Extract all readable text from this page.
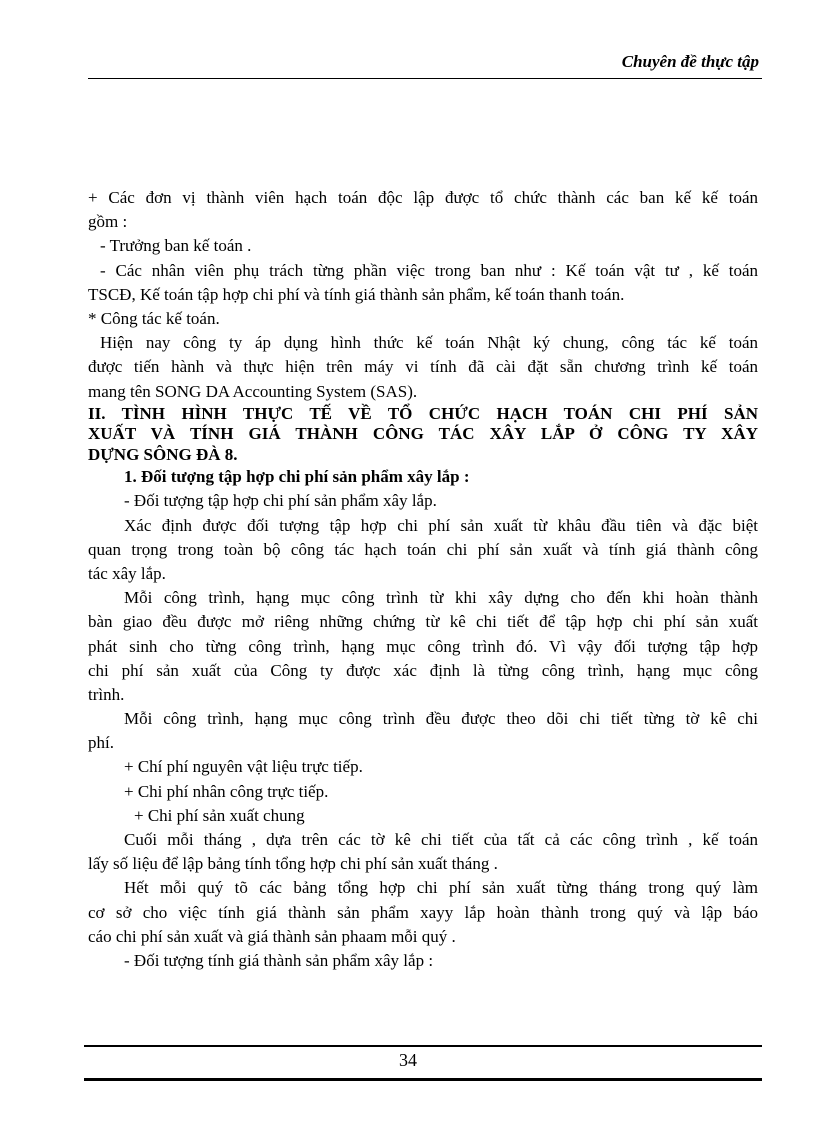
Chuyên đề thực tập
+ Các đơn vị thành viên hạch toán độc lập được tổ chức thành các ban kế kế toán
gồm :
- Trưởng ban kế toán .
- Các nhân viên phụ trách từng phần việc trong ban như : Kế toán vật tư , kế toán
TSCĐ, Kế toán tập hợp chi phí và tính giá thành sản phẩm, kế toán thanh toán.
* Công tác kế toán.
Hiện nay công ty áp dụng hình thức kế toán Nhật ký chung, công tác kế toán
được tiến hành và thực hiện trên máy vi tính đã cài đặt sẵn chương trình kế toán
mang tên SONG DA Accounting System (SAS).
II. TÌNH HÌNH THỰC TẾ VỀ TỔ CHỨC HẠCH TOÁN CHI PHÍ SẢN
XUẤT VÀ TÍNH GIÁ THÀNH CÔNG TÁC XÂY LẮP Ở CÔNG TY XÂY
DỰNG SÔNG ĐÀ 8.
1. Đối tượng tập hợp chi phí sản phẩm xây lắp :
- Đối tượng tập hợp chi phí sản phẩm xây lắp.
Xác định được đối tượng tập hợp chi phí sản xuất từ khâu đầu tiên và đặc biệt
quan trọng trong toàn bộ công tác hạch toán chi phí sản xuất và tính giá thành công
tác xây lắp.
Mỗi công trình, hạng mục công trình từ khi xây dựng cho đến khi hoàn thành
bàn giao đều được mở riêng những chứng từ kê chi tiết để tập hợp chi phí sản xuất
phát sinh cho từng công trình, hạng mục công trình đó. Vì vậy đối tượng tập hợp
chi phí sản xuất của Công ty được xác định là từng công trình, hạng mục công
trình.
Mỗi công trình, hạng mục công trình đều được theo dõi chi tiết từng tờ kê chi
phí.
+ Chí phí nguyên vật liệu trực tiếp.
+ Chi phí nhân công trực tiếp.
+ Chi phí sản xuất chung
Cuối mỗi tháng , dựa trên các tờ kê chi tiết của tất cả các công trình , kế toán
lấy số liệu để lập bảng tính tổng hợp chi phí sản xuất tháng .
Hết mỗi quý tõ các bảng tổng hợp chi phí sản xuất từng tháng trong quý làm
cơ sở cho việc tính giá thành sản phẩm xayy lắp hoàn thành trong quý và lập báo
cáo chi phí sản xuất và giá thành sản phaam mỗi quý .
- Đối tượng tính giá thành sản phẩm xây lắp :
34
